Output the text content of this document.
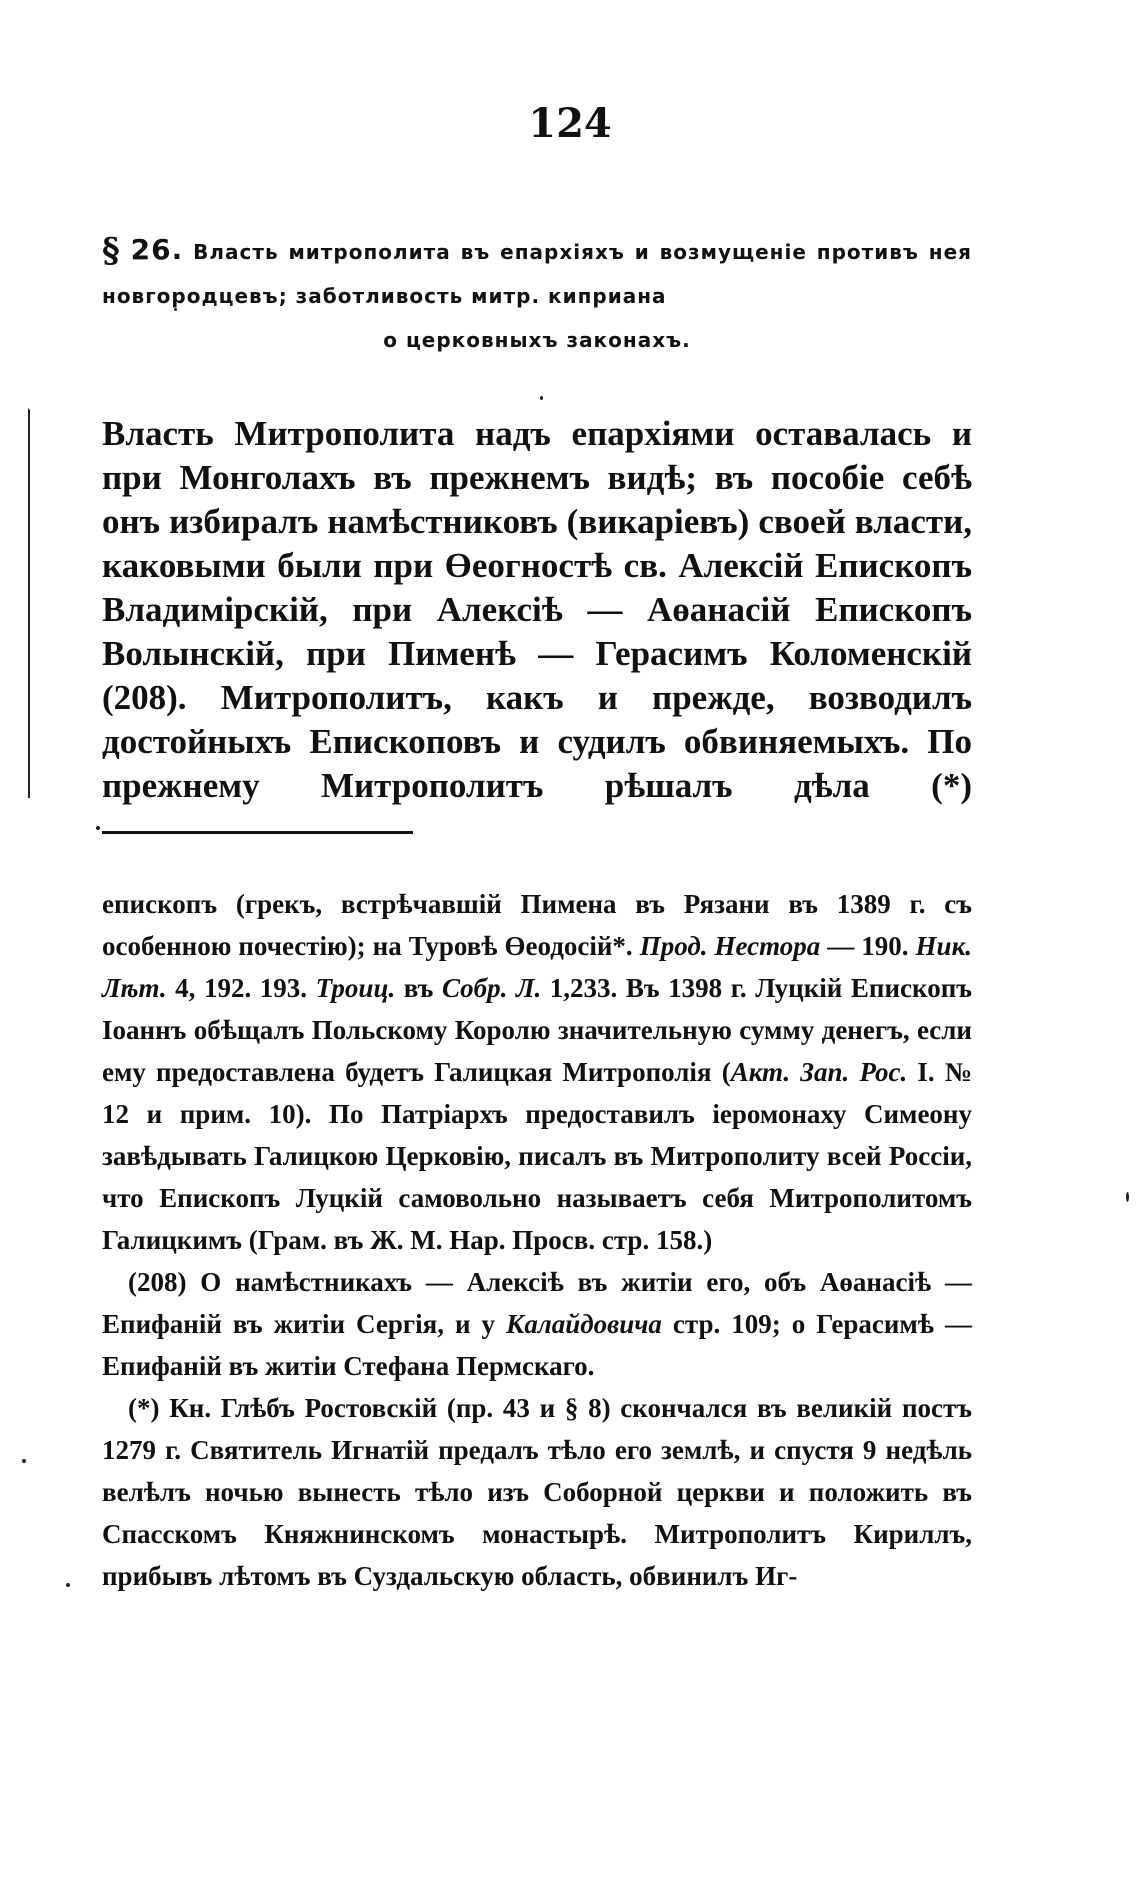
124
§ 26. Власть митрополита въ епархiяхъ и возмущенiе противъ нея новгородцевъ; заботливость митр. киприана
о церковныхъ законахъ.

Власть Митрополита надъ епархiями оставалась и при Монголахъ въ прежнемъ видѣ; въ пособiе себѣ онъ избиралъ намѣстниковъ (викарiевъ) своей власти, каковыми были при Өеогностѣ св. Алексiй Епископъ Владимiрскiй, при Алексiѣ — Аөанасiй Епископъ Волынскiй, при Пименѣ — Герасимъ Коломенскiй (208). Митрополитъ, какъ и прежде, возводилъ достойныхъ Епископовъ и судилъ обвиняемыхъ. По прежнему Митрополитъ рѣшалъ дѣла (*)

епископъ (грекъ, встрѣчавшiй Пимена въ Рязани въ 1389 г. съ особенною почестiю); на Туровѣ Өеодосiй*. Прод. Нестора — 190. Ник. Лѣт. 4, 192. 193. Троиц. въ Собр. Л. 1,233. Въ 1398 г. Луцкiй Епископъ Iоаннъ обѣщалъ Польскому Королю значительную сумму денегъ, если ему предоставлена будетъ Галицкая Митрополiя (Акт. Зап. Рос. I. № 12 и прим. 10). По Патрiархъ предоставилъ iеромонаху Симеону завѣдывать Галицкою Церковiю, писалъ въ Митрополиту всей Россiи, что Епископъ Луцкiй самовольно называетъ себя Митрополитомъ Галицкимъ (Грам. въ Ж. М. Нар. Просв. стр. 158.)

(208) О намѣстникахъ — Алексiѣ въ житiи его, объ Аөанасiѣ — Епифанiй въ житiи Сергiя, и у Калайдовича стр. 109; о Герасимѣ — Епифанiй въ житiи Стефана Пермскаго.

(*) Кн. Глѣбъ Ростовскiй (пр. 43 и § 8) скончался въ великiй постъ 1279 г. Святитель Игнатiй предалъ тѣло его землѣ, и спустя 9 недѣль велѣлъ ночью вынесть тѣло изъ Соборной церкви и положить въ Спасскомъ Княжнинскомъ монастырѣ. Митрополитъ Кириллъ, прибывъ лѣтомъ въ Суздальскую область, обвинилъ Иг-
